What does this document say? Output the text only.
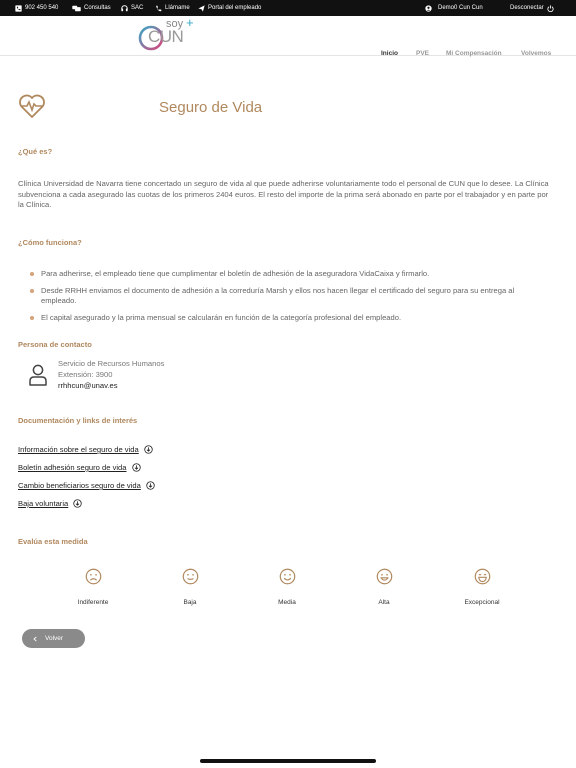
902 450 540	Consultas	SAC	Llámame	Portal del empleado	Demo0 Cun Cun	Desconectar
soy +
CUN
Inicio	PVE	Mi Compensación	Volvemos
Seguro de Vida
¿Qué es?
Clínica Universidad de Navarra tiene concertado un seguro de vida al que puede adherirse voluntariamente todo el personal de CUN que lo desee. La Clínica subvenciona a cada asegurado las cuotas de los primeros 2404 euros. El resto del importe de la prima será abonado en parte por el trabajador y en parte por la Clínica.
¿Cómo funciona?
Para adherirse, el empleado tiene que cumplimentar el boletín de adhesión de la aseguradora VidaCaixa y firmarlo.
Desde RRHH enviamos el documento de adhesión a la correduría Marsh y ellos nos hacen llegar el certificado del seguro para su entrega al empleado.
El capital asegurado y la prima mensual se calcularán en función de la categoría profesional del empleado.
Persona de contacto
Servicio de Recursos Humanos
Extensión: 3900
rrhhcun@unav.es
Documentación y links de interés
Información sobre el seguro de vida
Boletín adhesión seguro de vida
Cambio beneficiarios seguro de vida
Baja voluntaria
Evalúa esta medida
Indiferente	Baja	Media	Alta	Excepcional
Volver
